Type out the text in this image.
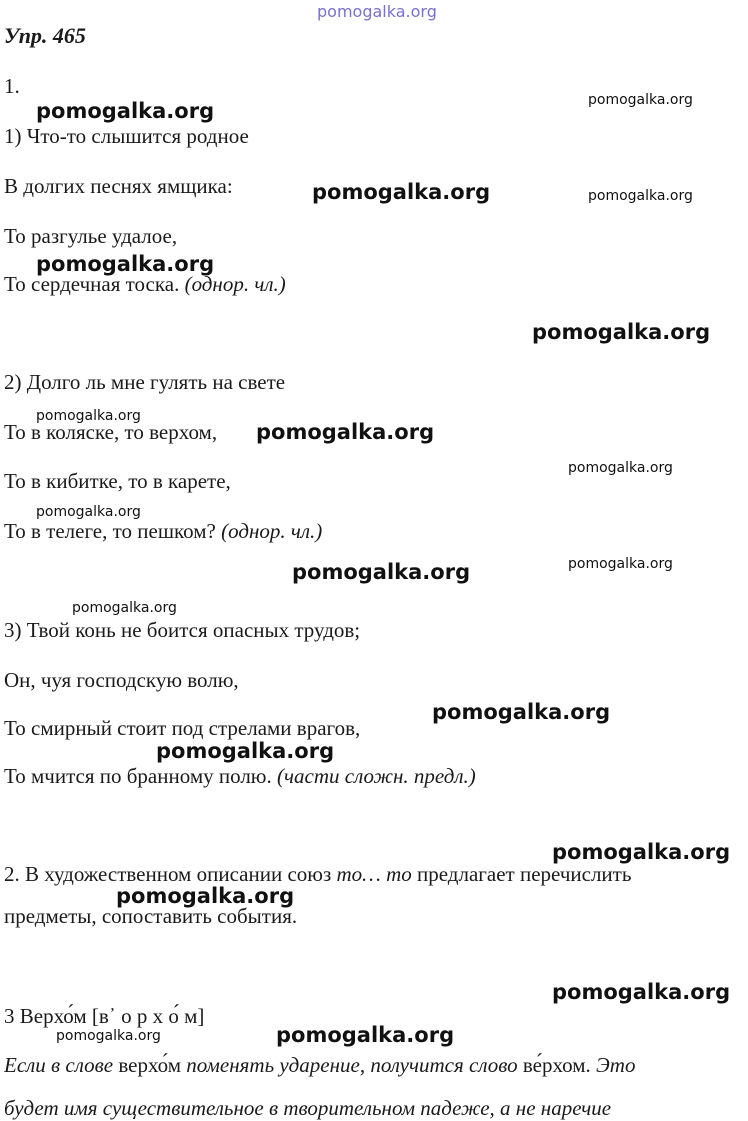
pomogalka.org
Упр. 465
1.
1) Что-то слышится родное
В долгих песнях ямщика:
То разгулье удалое,
То сердечная тоска. (однор. чл.)
2) Долго ль мне гулять на свете
То в коляске, то верхом,
То в кибитке, то в карете,
То в телеге, то пешком? (однор. чл.)
3) Твой конь не боится опасных трудов;
Он, чуя господскую волю,
То смирный стоит под стрелами врагов,
То мчится по бранному полю. (части сложн. предл.)
2. В художественном описании союз то… то предлагает перечислить
предметы, сопоставить события.
3 Верхо́м [в᾽ о р х о́ м]
Если в слове верхо́м поменять ударение, получится слово ве́рхом. Это
будет имя существительное в творительном падеже, а не наречие
pomogalka.org	pomogalka.org
pomogalka.org	pomogalka.org
pomogalka.org
pomogalka.org
pomogalka.org
pomogalka.org
pomogalka.org
pomogalka.org
pomogalka.org	pomogalka.org
pomogalka.org
pomogalka.org
pomogalka.org
pomogalka.org
pomogalka.org
pomogalka.org
pomogalka.org	pomogalka.org
